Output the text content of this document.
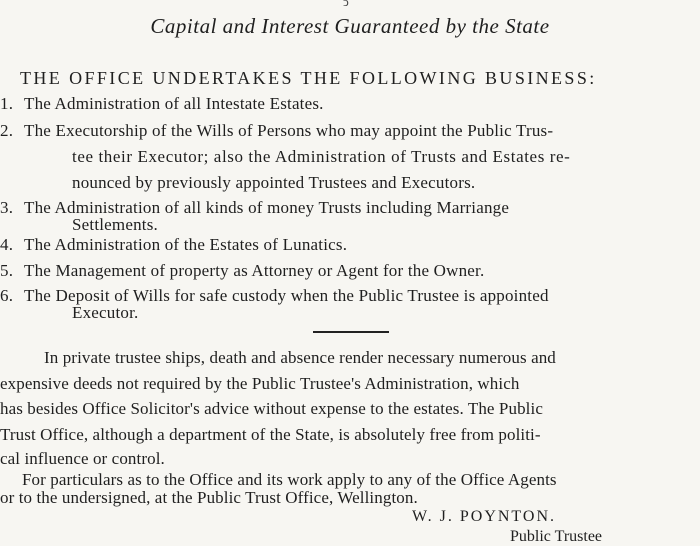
ↄ
Capital and Interest Guaranteed by the State
THE OFFICE UNDERTAKES THE FOLLOWING BUSINESS:
1. The Administration of all Intestate Estates.
2. The Executorship of the Wills of Persons who may appoint the Public Trus-
tee their Executor; also the Administration of Trusts and Estates re-
nounced by previously appointed Trustees and Executors.
3. The Administration of all kinds of money Trusts including Marriange
Settlements.
4. The Administration of the Estates of Lunatics.
5. The Management of property as Attorney or Agent for the Owner.
6. The Deposit of Wills for safe custody when the Public Trustee is appointed
Executor.
In private trustee ships, death and absence render necessary numerous and
expensive deeds not required by the Public Trustee's Administration, which
has besides Office Solicitor's advice without expense to the estates. The Public
Trust Office, although a department of the State, is absolutely free from politi-
cal influence or control.
For particulars as to the Office and its work apply to any of the Office Agents
or to the undersigned, at the Public Trust Office, Wellington.
W. J. POYNTON.
Public Trustee
